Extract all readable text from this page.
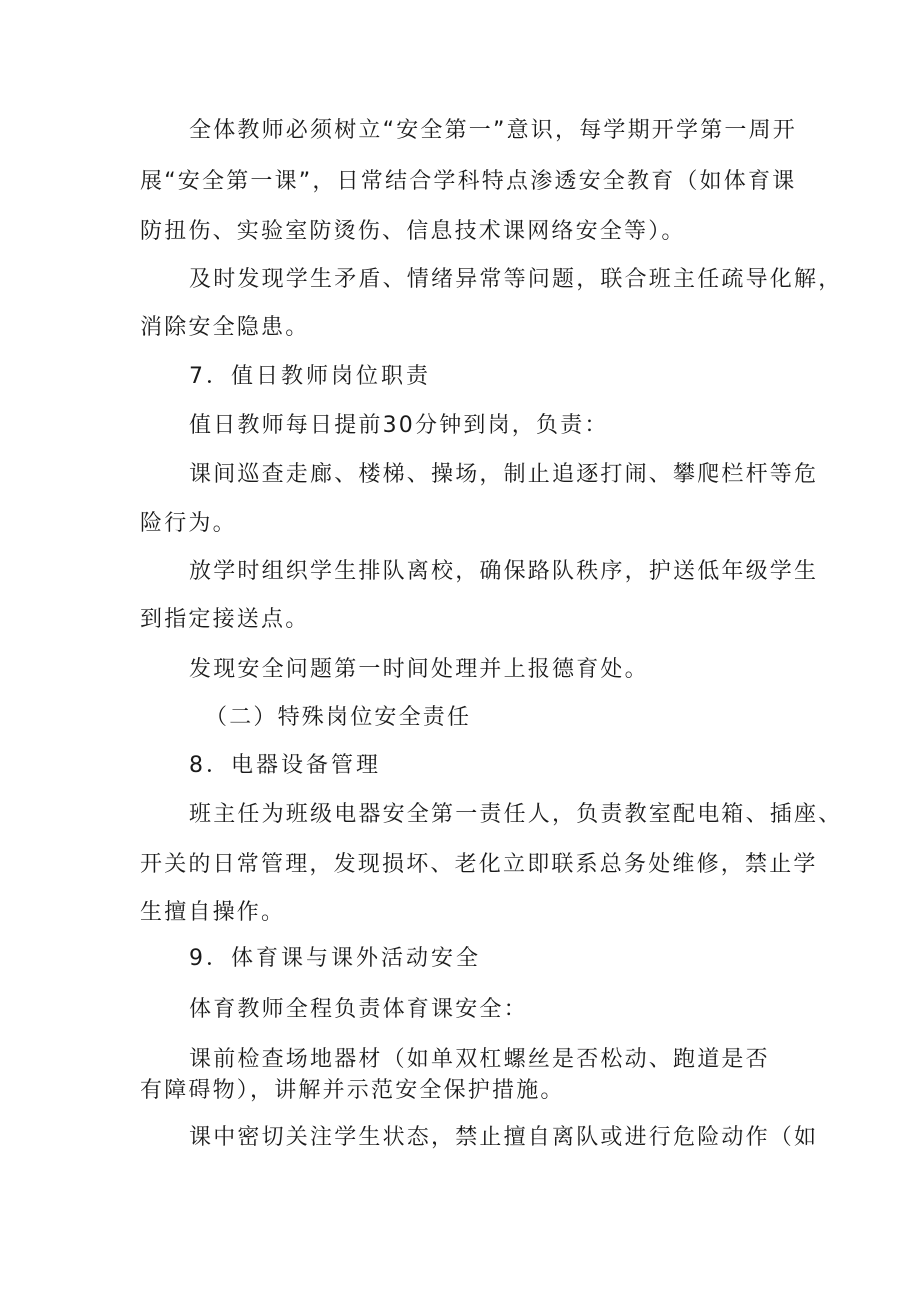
全体教师必须树立“安全第一”意识，每学期开学第一周开
展“安全第一课”，日常结合学科特点渗透安全教育（如体育课
防扭伤、实验室防烫伤、信息技术课网络安全等）。
及时发现学生矛盾、情绪异常等问题，联合班主任疏导化解，
消除安全隐患。
7．值日教师岗位职责
值日教师每日提前30分钟到岗，负责：
课间巡查走廊、楼梯、操场，制止追逐打闹、攀爬栏杆等危
险行为。
放学时组织学生排队离校，确保路队秩序，护送低年级学生
到指定接送点。
发现安全问题第一时间处理并上报德育处。
（二）特殊岗位安全责任
8．电器设备管理
班主任为班级电器安全第一责任人，负责教室配电箱、插座、
开关的日常管理，发现损坏、老化立即联系总务处维修，禁止学
生擅自操作。
9．体育课与课外活动安全
体育教师全程负责体育课安全：
课前检查场地器材（如单双杠螺丝是否松动、跑道是否
有障碍物），讲解并示范安全保护措施。
课中密切关注学生状态，禁止擅自离队或进行危险动作（如
